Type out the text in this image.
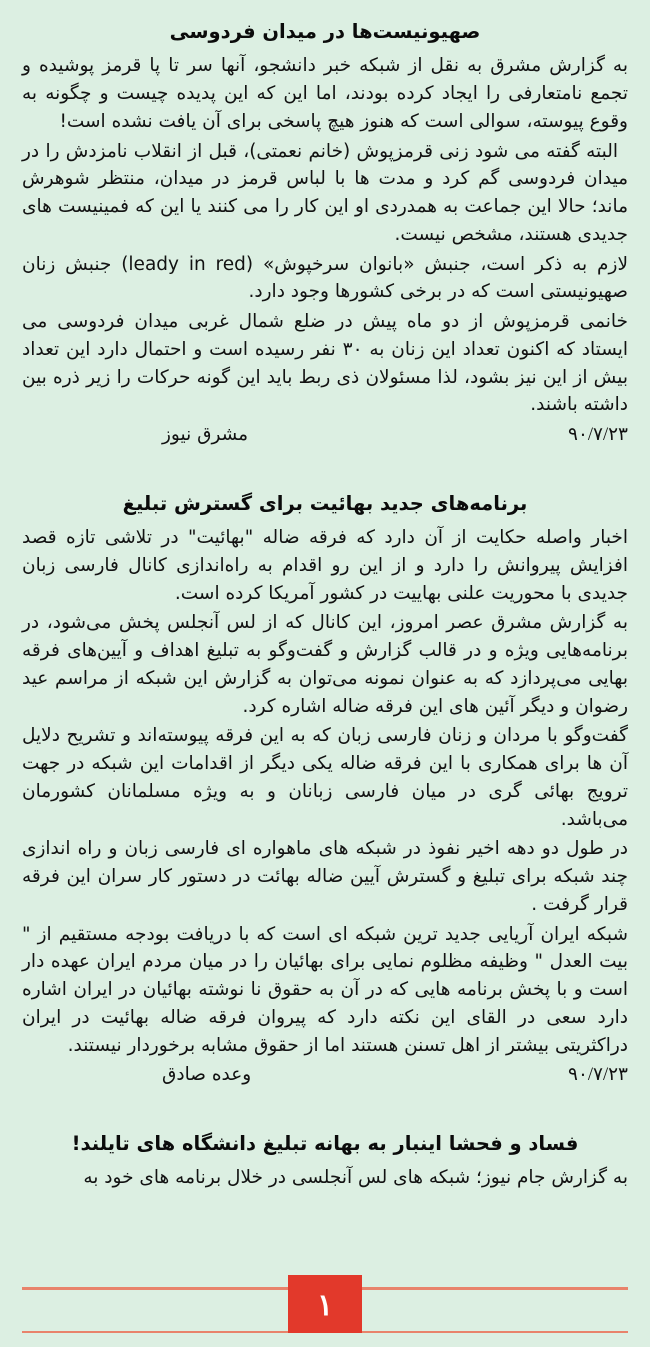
صهیونیست‌ها در میدان فردوسی

به گزارش مشرق به نقل از شبکه خبر دانشجو، آنها سر تا پا قرمز پوشیده و تجمع نامتعارفی را ایجاد کرده بودند، اما این که این پدیده چیست و چگونه به وقوع پیوسته، سوالی است که هنوز هیچ پاسخی برای آن یافت نشده است!

البته گفته می شود زنی قرمزپوش (خانم نعمتی)، قبل از انقلاب نامزدش را در میدان فردوسی گم کرد و مدت ها با لباس قرمز در میدان، منتظر شوهرش ماند؛ حالا این جماعت به همدردی او این کار را می کنند یا این که فمینیست های جدیدی هستند، مشخص نیست.

لازم به ذکر است، جنبش «بانوان سرخپوش» (leady in red) جنبش زنان صهیونیستی است که در برخی کشورها وجود دارد.

خانمی قرمزپوش از دو ماه پیش در ضلع شمال غربی میدان فردوسی می ایستاد که اکنون تعداد این زنان به ۳۰ نفر رسیده است و احتمال دارد این تعداد بیش از این نیز بشود، لذا مسئولان ذی ربط باید این گونه حرکات را زیر ذره بین داشته باشند.

مشرق نیوز	۹۰/۷/۲۳
برنامه‌های جدید بهائیت برای گسترش تبلیغ

اخبار واصله حکایت از آن دارد که فرقه ضاله "بهائیت" در تلاشی تازه قصد افزایش پیروانش را دارد و از این رو اقدام به راه‌اندازی کانال فارسی زبان جدیدی با محوریت علنی بهاییت در کشور آمریکا کرده است.

به گزارش مشرق عصر امروز، این کانال که از لس آنجلس پخش می‌شود، در برنامه‌هایی ویژه و در قالب گزارش و گفت‌وگو به تبلیغ اهداف و آیین‌های فرقه بهایی می‌پردازد که به عنوان نمونه می‌توان به گزارش این شبکه از مراسم عید رضوان و دیگر آئین های این فرقه ضاله اشاره کرد.

گفت‌وگو با مردان و زنان فارسی زبان که به این فرقه پیوسته‌اند و تشریح دلایل آن ها برای همکاری با این فرقه ضاله یکی دیگر از اقدامات این شبکه در جهت ترویج بهائی گری در میان فارسی زبانان و به ویژه مسلمانان کشورمان می‌باشد.

در طول دو دهه اخیر نفوذ در شبکه های ماهواره ای فارسی زبان و راه اندازی چند شبکه برای تبلیغ و گسترش آیین ضاله بهائت در دستور کار سران این فرقه قرار گرفت .

شبکه ایران آریایی جدید ترین شبکه ای است که با دریافت بودجه مستقیم از " بیت العدل " وظیفه مظلوم نمایی برای بهائیان را در میان مردم ایران عهده دار است و با پخش برنامه هایی که در آن به حقوق نا نوشته بهائیان در ایران اشاره دارد سعی در القای این نکته دارد که پیروان فرقه ضاله بهائیت در ایران دراکثریتی بیشتر از اهل تسنن هستند اما از حقوق مشابه برخوردار نیستند.

وعده صادق	۹۰/۷/۲۳
فساد و فحشا اینبار به بهانه تبلیغ دانشگاه های تایلند!

به گزارش جام نیوز؛ شبکه های لس آنجلسی در خلال برنامه های خود به

۱
